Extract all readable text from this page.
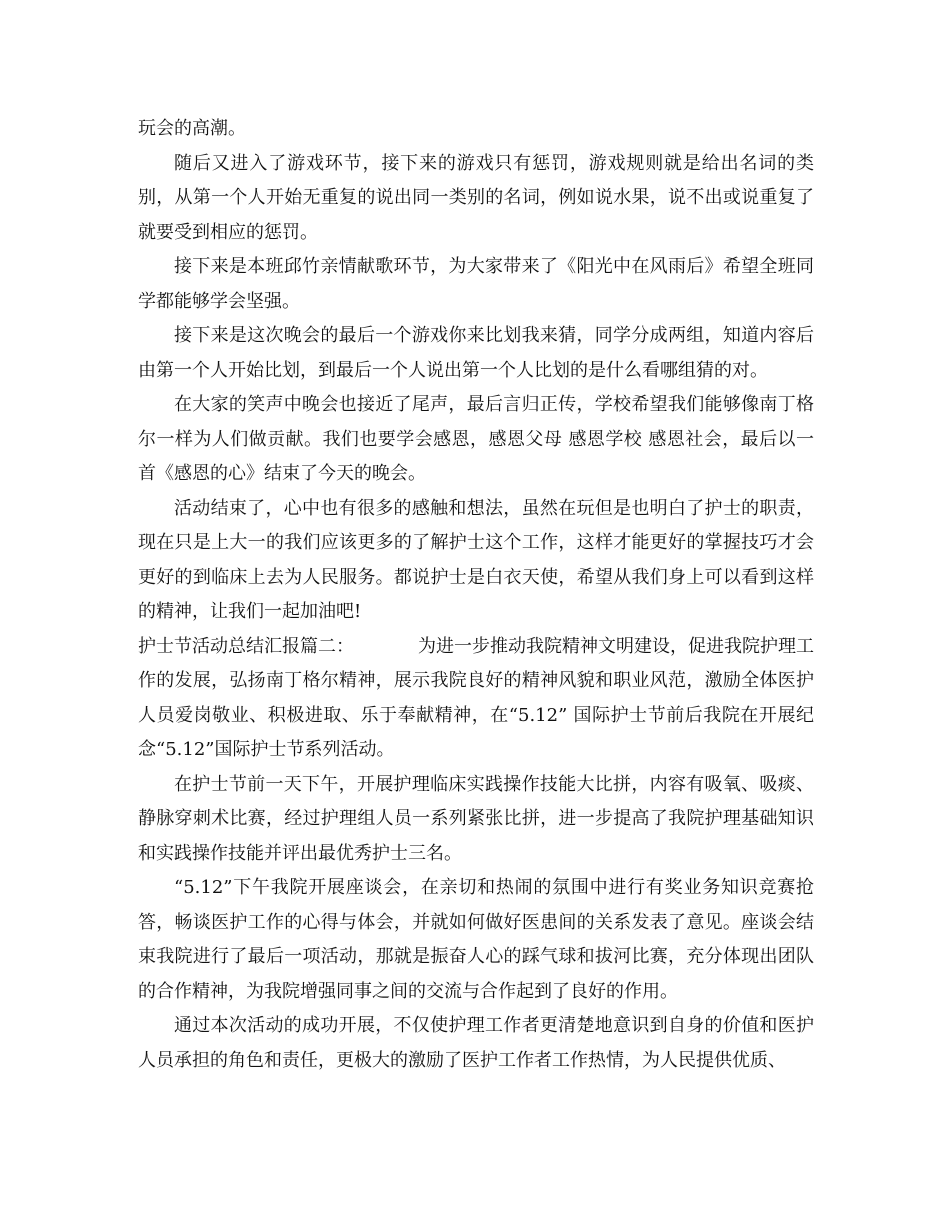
玩会的高潮。

随后又进入了游戏环节，接下来的游戏只有惩罚，游戏规则就是给出名词的类别，从第一个人开始无重复的说出同一类别的名词，例如说水果，说不出或说重复了就要受到相应的惩罚。

接下来是本班邱竹亲情献歌环节，为大家带来了《阳光中在风雨后》希望全班同学都能够学会坚强。

接下来是这次晚会的最后一个游戏你来比划我来猜，同学分成两组，知道内容后由第一个人开始比划，到最后一个人说出第一个人比划的是什么看哪组猜的对。

在大家的笑声中晚会也接近了尾声，最后言归正传，学校希望我们能够像南丁格尔一样为人们做贡献。我们也要学会感恩，感恩父母 感恩学校 感恩社会，最后以一首《感恩的心》结束了今天的晚会。

活动结束了，心中也有很多的感触和想法，虽然在玩但是也明白了护士的职责，现在只是上大一的我们应该更多的了解护士这个工作，这样才能更好的掌握技巧才会更好的到临床上去为人民服务。都说护士是白衣天使，希望从我们身上可以看到这样的精神，让我们一起加油吧!

护士节活动总结汇报篇二：	为进一步推动我院精神文明建设，促进我院护理工作的发展，弘扬南丁格尔精神，展示我院良好的精神风貌和职业风范，激励全体医护人员爱岗敬业、积极进取、乐于奉献精神，在“5.12” 国际护士节前后我院在开展纪念“5.12”国际护士节系列活动。

在护士节前一天下午，开展护理临床实践操作技能大比拼，内容有吸氧、吸痰、静脉穿刺术比赛，经过护理组人员一系列紧张比拼，进一步提高了我院护理基础知识和实践操作技能并评出最优秀护士三名。

“5.12”下午我院开展座谈会，在亲切和热闹的氛围中进行有奖业务知识竞赛抢答，畅谈医护工作的心得与体会，并就如何做好医患间的关系发表了意见。座谈会结束我院进行了最后一项活动，那就是振奋人心的踩气球和拔河比赛，充分体现出团队的合作精神，为我院增强同事之间的交流与合作起到了良好的作用。

通过本次活动的成功开展，不仅使护理工作者更清楚地意识到自身的价值和医护人员承担的角色和责任，更极大的激励了医护工作者工作热情，为人民提供优质、
